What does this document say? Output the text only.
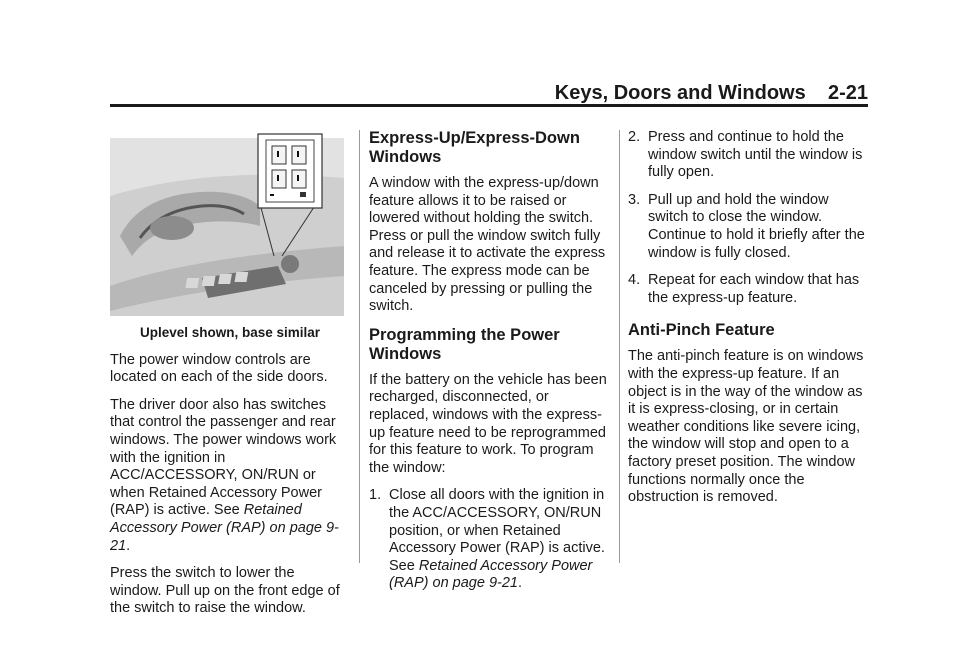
Keys, Doors and Windows    2-21

Uplevel shown, base similar

The power window controls are located on each of the side doors.

The driver door also has switches that control the passenger and rear windows. The power windows work with the ignition in ACC/ACCESSORY, ON/RUN or when Retained Accessory Power (RAP) is active. See Retained Accessory Power (RAP) on page 9-21.

Press the switch to lower the window. Pull up on the front edge of the switch to raise the window.

Express-Up/Express-Down Windows

A window with the express-up/down feature allows it to be raised or lowered without holding the switch. Press or pull the window switch fully and release it to activate the express feature. The express mode can be canceled by pressing or pulling the switch.

Programming the Power Windows

If the battery on the vehicle has been recharged, disconnected, or replaced, windows with the express-up feature need to be reprogrammed for this feature to work. To program the window:

1. Close all doors with the ignition in the ACC/ACCESSORY, ON/RUN position, or when Retained Accessory Power (RAP) is active. See Retained Accessory Power (RAP) on page 9-21.
2. Press and continue to hold the window switch until the window is fully open.
3. Pull up and hold the window switch to close the window. Continue to hold it briefly after the window is fully closed.
4. Repeat for each window that has the express-up feature.
Anti-Pinch Feature

The anti-pinch feature is on windows with the express-up feature. If an object is in the way of the window as it is express-closing, or in certain weather conditions like severe icing, the window will stop and open to a factory preset position. The window functions normally once the obstruction is removed.
